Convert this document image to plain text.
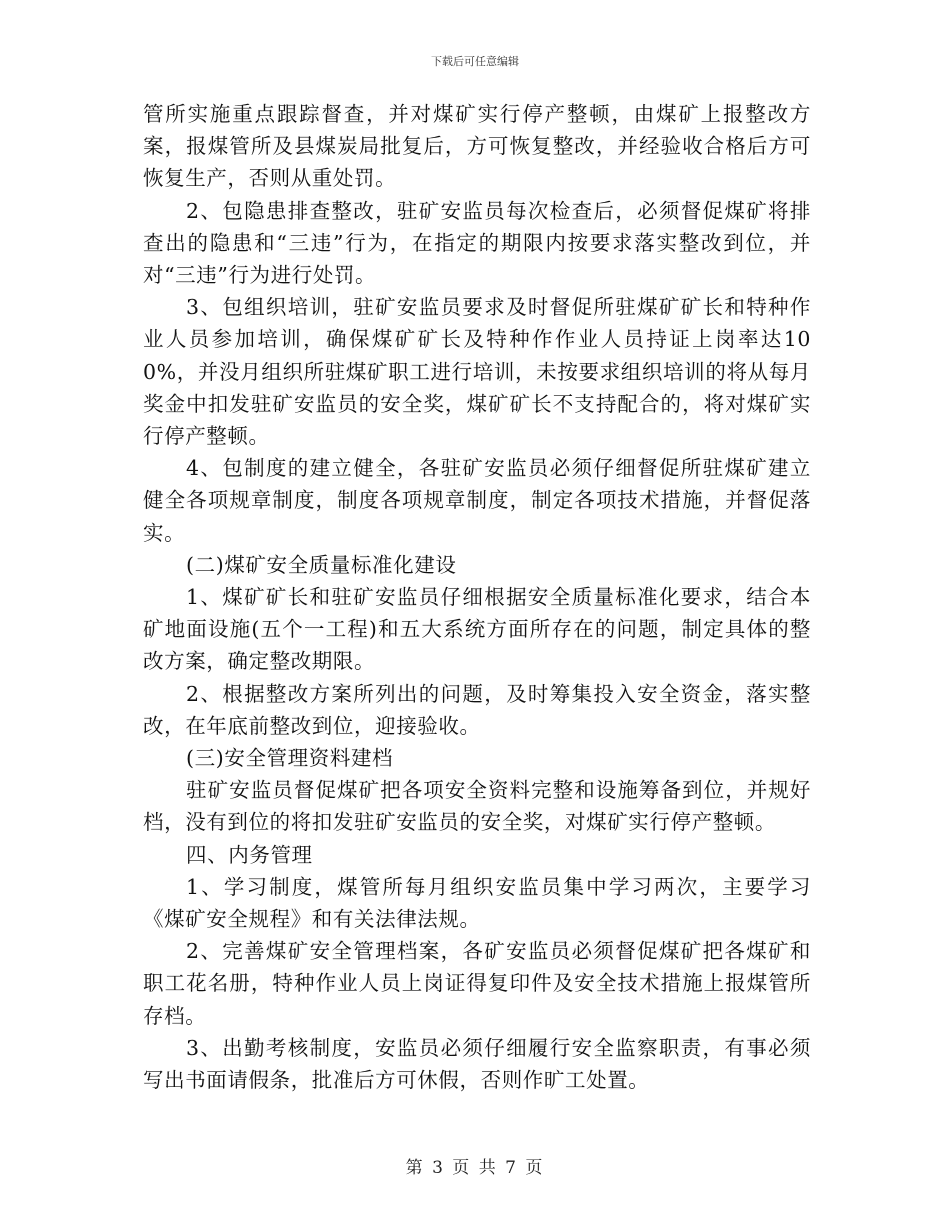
下载后可任意编辑

管所实施重点跟踪督查，并对煤矿实行停产整顿，由煤矿上报整改方案，报煤管所及县煤炭局批复后，方可恢复整改，并经验收合格后方可恢复生产，否则从重处罚。

2、包隐患排查整改，驻矿安监员每次检查后，必须督促煤矿将排查出的隐患和“三违”行为，在指定的期限内按要求落实整改到位，并对“三违”行为进行处罚。

3、包组织培训，驻矿安监员要求及时督促所驻煤矿矿长和特种作业人员参加培训，确保煤矿矿长及特种作作业人员持证上岗率达100%，并没月组织所驻煤矿职工进行培训，未按要求组织培训的将从每月奖金中扣发驻矿安监员的安全奖，煤矿矿长不支持配合的，将对煤矿实行停产整顿。

4、包制度的建立健全，各驻矿安监员必须仔细督促所驻煤矿建立健全各项规章制度，制度各项规章制度，制定各项技术措施，并督促落实。

(二)煤矿安全质量标准化建设

1、煤矿矿长和驻矿安监员仔细根据安全质量标准化要求，结合本矿地面设施(五个一工程)和五大系统方面所存在的问题，制定具体的整改方案，确定整改期限。

2、根据整改方案所列出的问题，及时筹集投入安全资金，落实整改，在年底前整改到位，迎接验收。

(三)安全管理资料建档

驻矿安监员督促煤矿把各项安全资料完整和设施筹备到位，并规好档，没有到位的将扣发驻矿安监员的安全奖，对煤矿实行停产整顿。

四、内务管理

1、学习制度，煤管所每月组织安监员集中学习两次，主要学习《煤矿安全规程》和有关法律法规。

2、完善煤矿安全管理档案，各矿安监员必须督促煤矿把各煤矿和职工花名册，特种作业人员上岗证得复印件及安全技术措施上报煤管所存档。

3、出勤考核制度，安监员必须仔细履行安全监察职责，有事必须写出书面请假条，批准后方可休假，否则作旷工处置。

第 3 页 共 7 页
